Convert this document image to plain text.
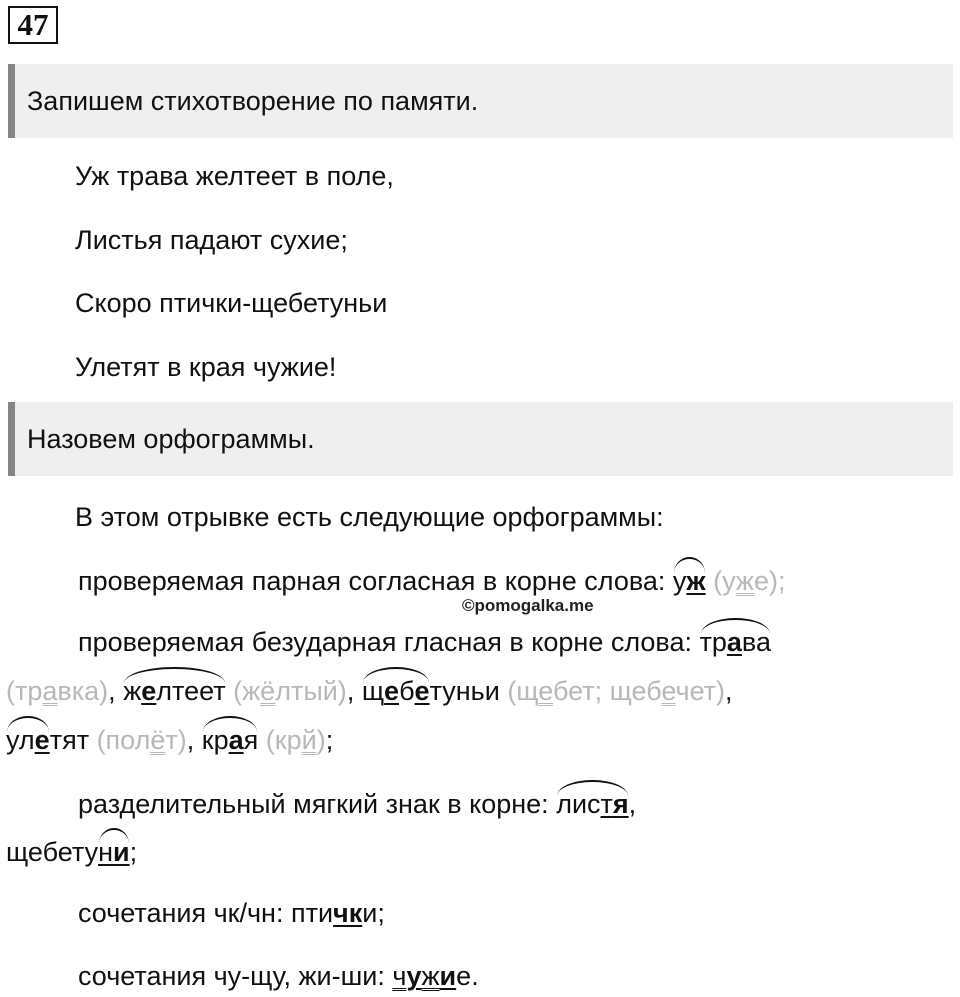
47
Запишем стихотворение по памяти.
Уж трава желтеет в поле,
Листья падают сухие;
Скоро птички-щебетуньи
Улетят в края чужие!
Назовем орфограммы.
В этом отрывке есть следующие орфограммы:
проверяемая парная согласная в корне слова: уж (уже);
©pomogalka.me
проверяемая безударная гласная в корне слова: трава
(травка), желтеет (жёлтый), щебетуньи (щебет; щебечет),
улетят (полёт), края (крй);
разделительный мягкий знак в корне: листя,
щебетуни;
сочетания чк/чн: птички;
сочетания чу-щу, жи-ши: чужие.
